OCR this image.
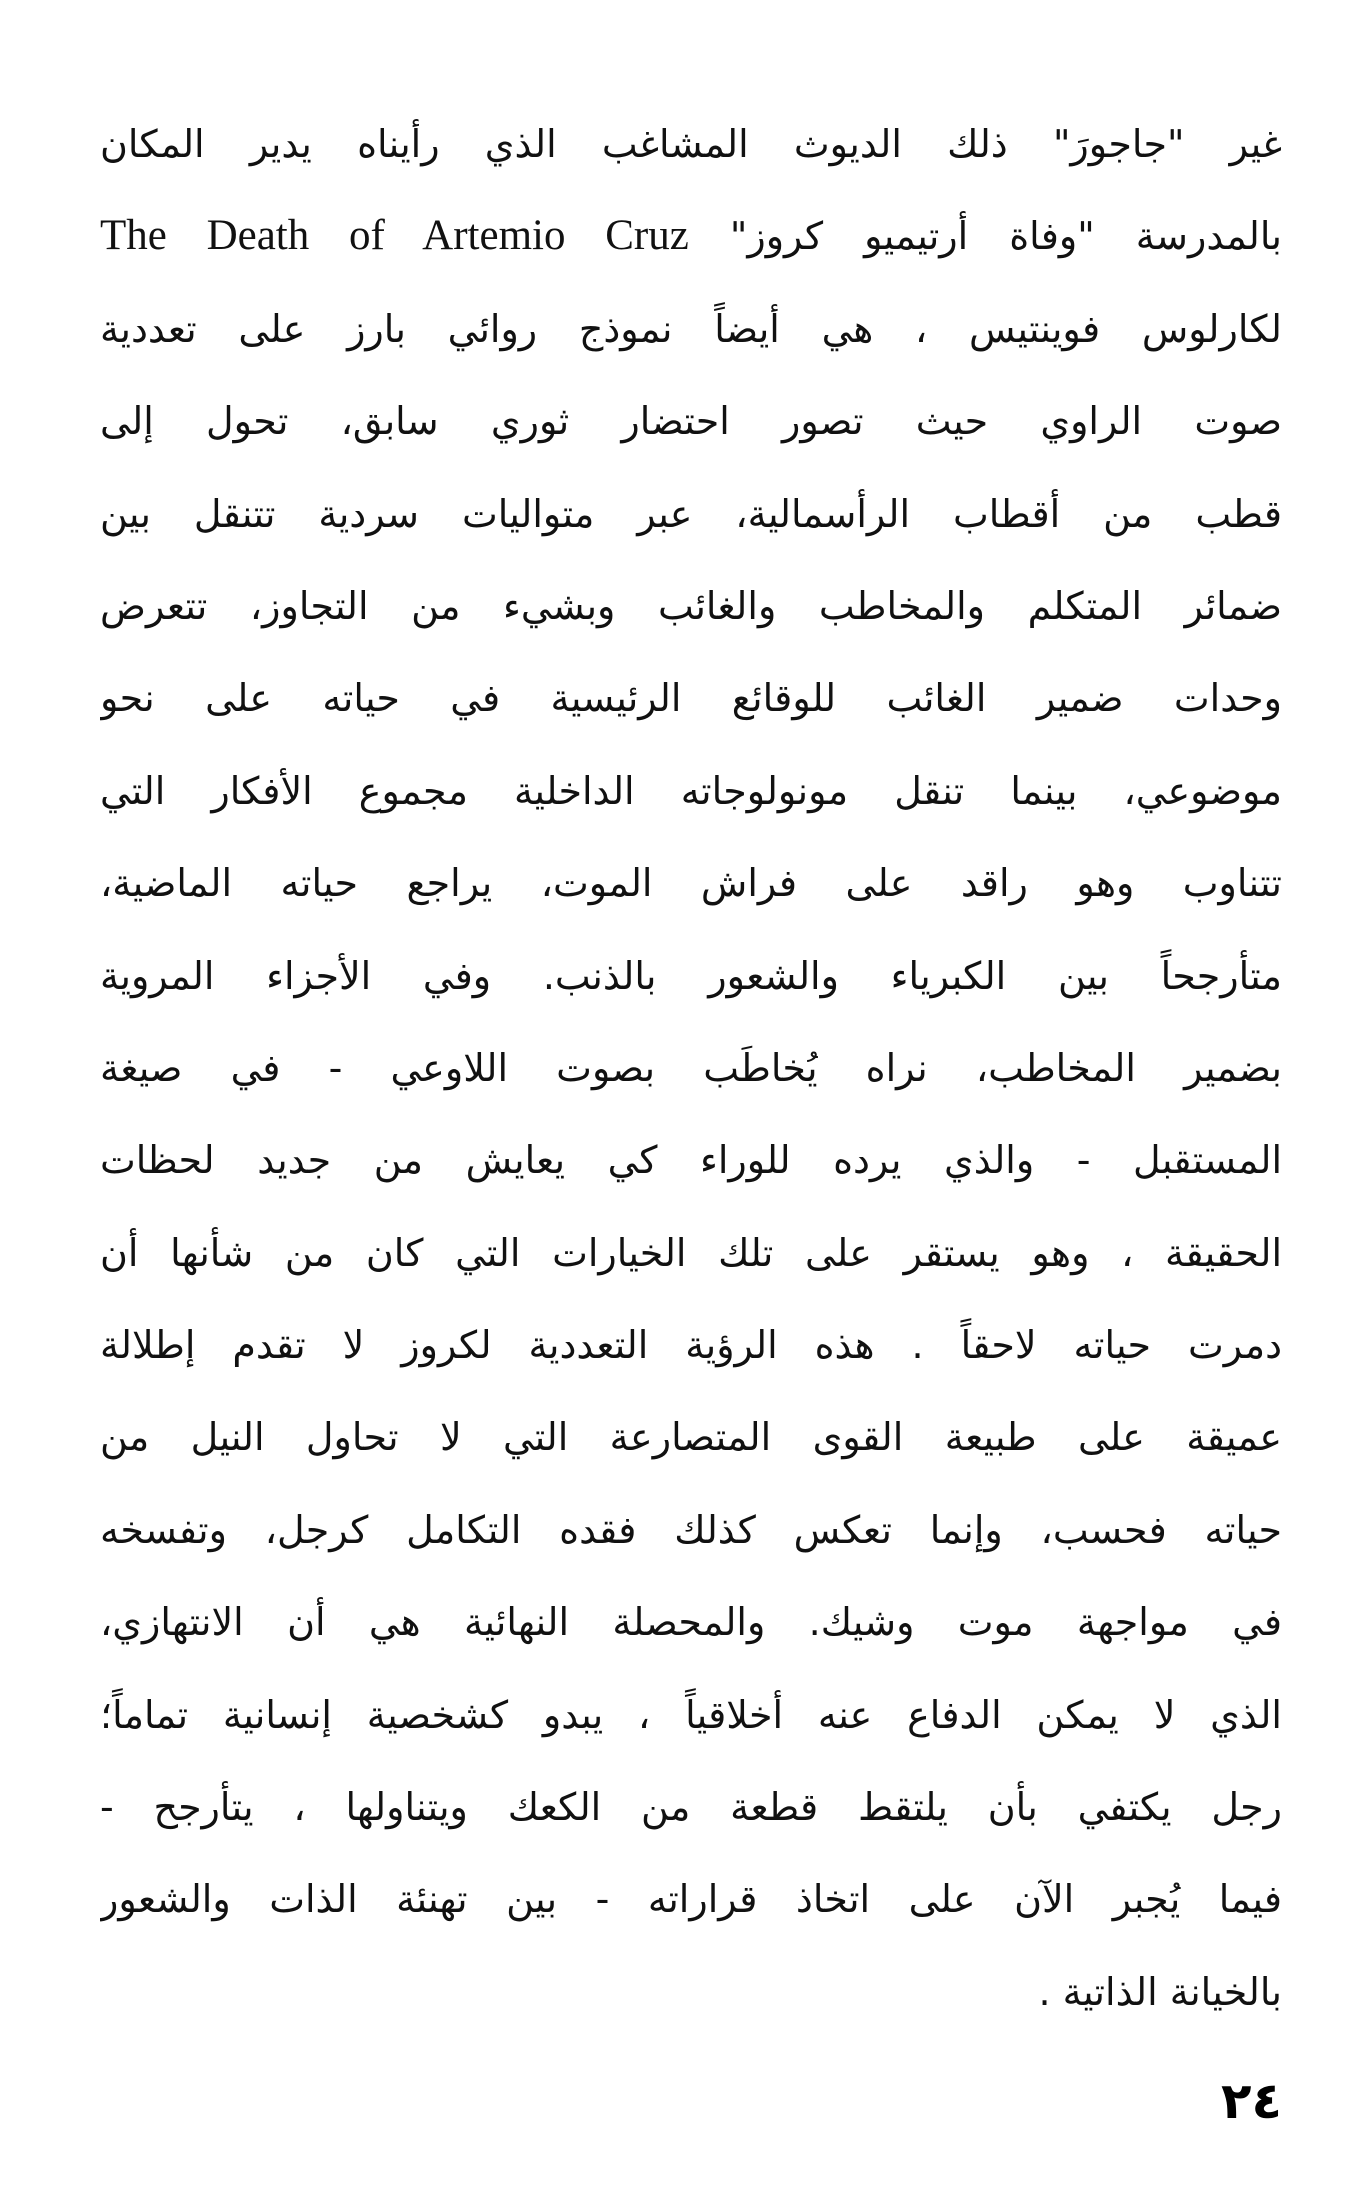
غير "جاجورَ" ذلك الديوث المشاغب الذي رأيناه يدير المكان
بالمدرسة "وفاة أرتيميو كروز" The Death of Artemio Cruz
لكارلوس فوينتيس ، هي أيضاً نموذج روائي بارز على تعددية
صوت الراوي حيث تصور احتضار ثوري سابق، تحول إلى
قطب من أقطاب الرأسمالية، عبر متواليات سردية تتنقل بين
ضمائر المتكلم والمخاطب والغائب وبشيء من التجاوز، تتعرض
وحدات ضمير الغائب للوقائع الرئيسية في حياته على نحو
موضوعي، بينما تنقل مونولوجاته الداخلية مجموع الأفكار التي
تتناوب وهو راقد على فراش الموت، يراجع حياته الماضية،
متأرجحاً بين الكبرياء والشعور بالذنب. وفي الأجزاء المروية
بضمير المخاطب، نراه يُخاطَب بصوت اللاوعي - في صيغة
المستقبل - والذي يرده للوراء كي يعايش من جديد لحظات
الحقيقة ، وهو يستقر على تلك الخيارات التي كان من شأنها أن
دمرت حياته لاحقاً . هذه الرؤية التعددية لكروز لا تقدم إطلالة
عميقة على طبيعة القوى المتصارعة التي لا تحاول النيل من
حياته فحسب، وإنما تعكس كذلك فقده التكامل كرجل، وتفسخه
في مواجهة موت وشيك. والمحصلة النهائية هي أن الانتهازي،
الذي لا يمكن الدفاع عنه أخلاقياً ، يبدو كشخصية إنسانية تماماً؛
رجل يكتفي بأن يلتقط قطعة من الكعك ويتناولها ، يتأرجح -
فيما يُجبر الآن على اتخاذ قراراته - بين تهنئة الذات والشعور
بالخيانة الذاتية .
٢٤
